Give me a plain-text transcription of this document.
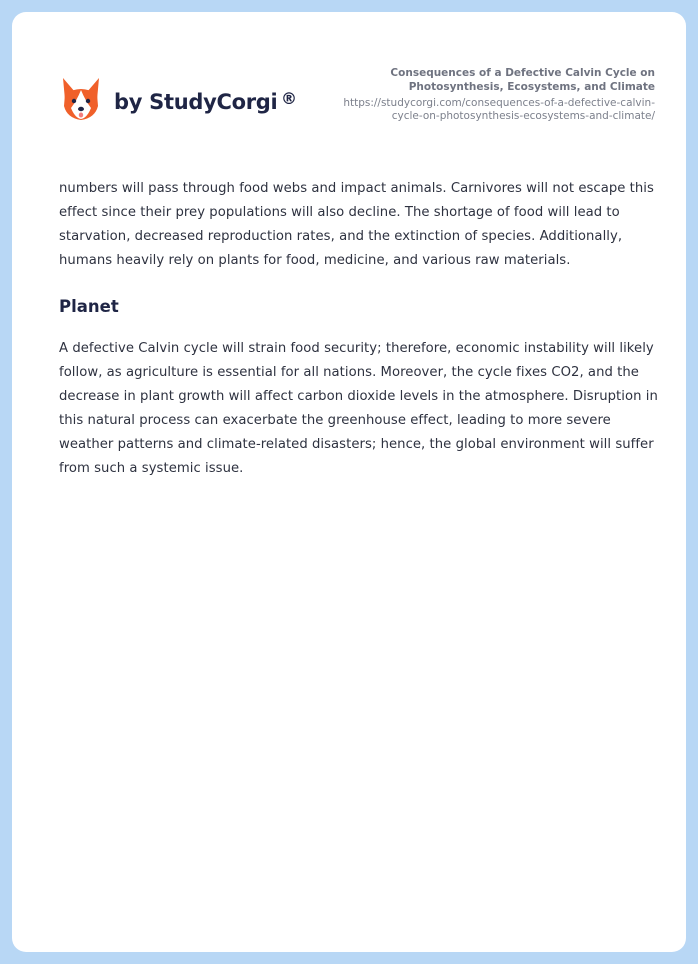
by StudyCorgi ®
Consequences of a Defective Calvin Cycle on Photosynthesis, Ecosystems, and Climate
https://studycorgi.com/consequences-of-a-defective-calvin-cycle-on-photosynthesis-ecosystems-and-climate/

numbers will pass through food webs and impact animals. Carnivores will not escape this effect since their prey populations will also decline. The shortage of food will lead to starvation, decreased reproduction rates, and the extinction of species. Additionally, humans heavily rely on plants for food, medicine, and various raw materials.

Planet

A defective Calvin cycle will strain food security; therefore, economic instability will likely follow, as agriculture is essential for all nations. Moreover, the cycle fixes CO2, and the decrease in plant growth will affect carbon dioxide levels in the atmosphere. Disruption in this natural process can exacerbate the greenhouse effect, leading to more severe weather patterns and climate-related disasters; hence, the global environment will suffer from such a systemic issue.
